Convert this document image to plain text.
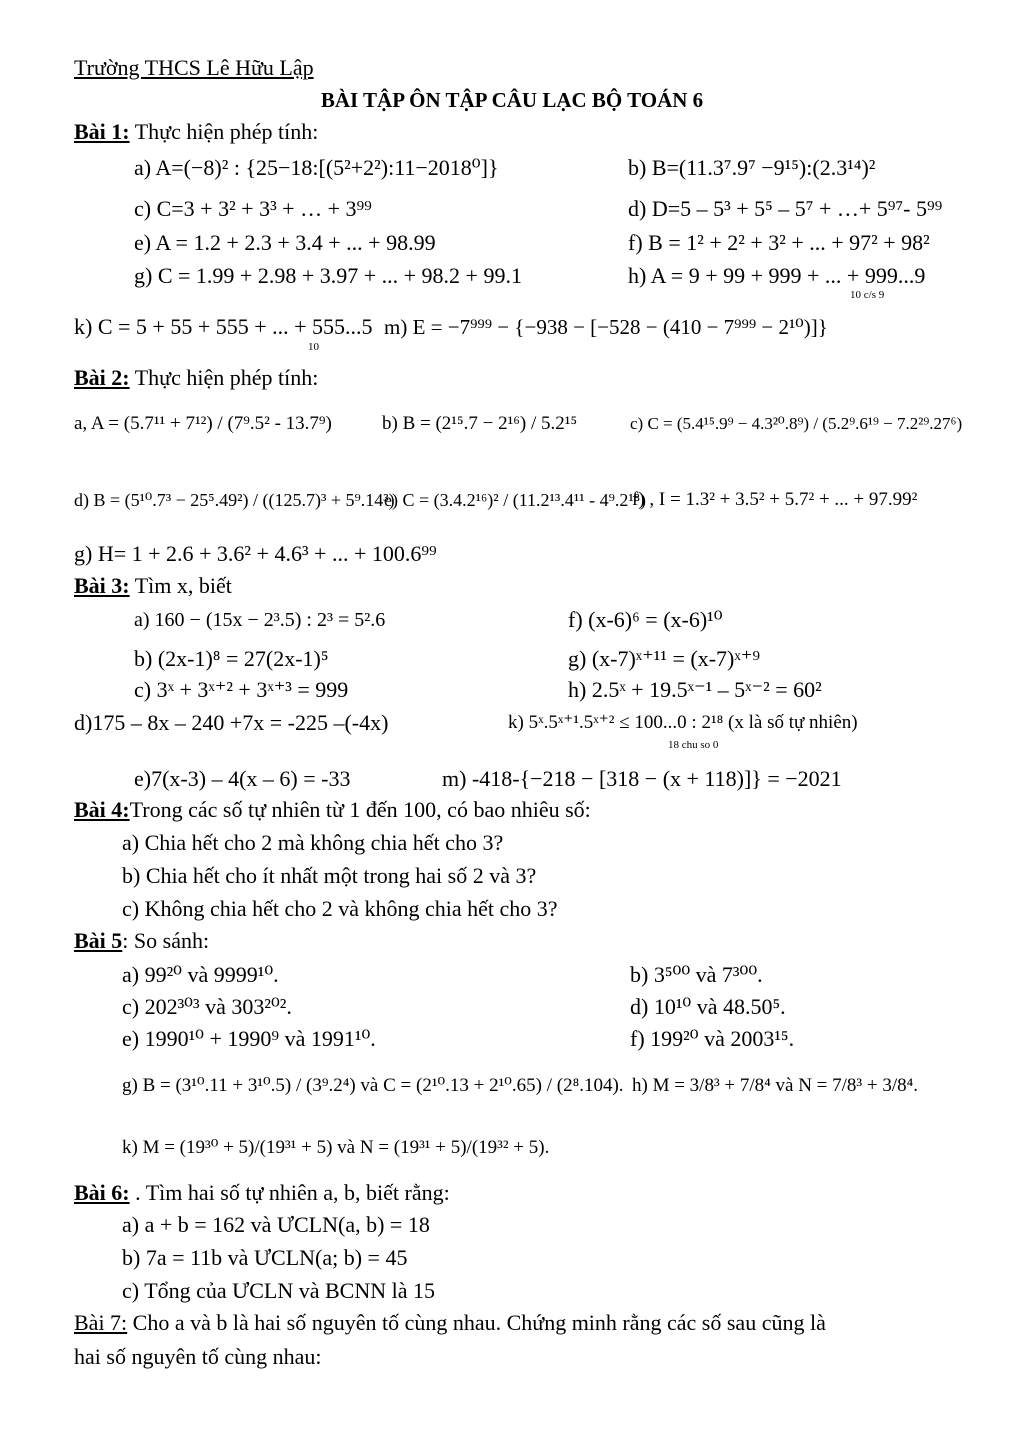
Trường THCS Lê Hữu Lập
BÀI TẬP ÔN TẬP CÂU LẠC BỘ TOÁN 6
Bài 1: Thực hiện phép tính:
a) A=(−8)² : {25−18:[(5²+2²):11−2018⁰]}	b) B=(11.3⁷.9⁷ −9¹⁵):(2.3¹⁴)²
c) C=3 + 3² + 3³ + … + 3⁹⁹	d) D=5 – 5³ + 5⁵ – 5⁷ + …+ 5⁹⁷- 5⁹⁹
e) A = 1.2 + 2.3 + 3.4 + ... + 98.99	f) B = 1² + 2² + 3² + ... + 97² + 98²
g) C = 1.99 + 2.98 + 3.97 + ... + 98.2 + 99.1	h) A = 9 + 99 + 999 + ... + 999...9
10 c/s 9
k) C = 5 + 55 + 555 + ... + 555...5
10
m) E = −7⁹⁹⁹ − {−938 − [−528 − (410 − 7⁹⁹⁹ − 2¹⁰)]}
Bài 2: Thực hiện phép tính:
a, A = (5.7¹¹ + 7¹²) / (7⁹.5² - 13.7⁹)	b) B = (2¹⁵.7 − 2¹⁶) / 5.2¹⁵	c) C = (5.4¹⁵.9⁹ − 4.3²⁰.8⁹) / (5.2⁹.6¹⁹ − 7.2²⁹.27⁶)
d) B = (5¹⁰.7³ − 25⁵.49²) / ((125.7)³ + 5⁹.14³)
e) C = (3.4.2¹⁶)² / (11.2¹³.4¹¹ - 4⁹.2¹⁸)
f) , I = 1.3² + 3.5² + 5.7² + ... + 97.99²
g) H= 1 + 2.6 + 3.6² + 4.6³ + ... + 100.6⁹⁹
Bài 3: Tìm x, biết
a) 160 − (15x − 2³.5) : 2³ = 5².6	f) (x-6)⁶ = (x-6)¹⁰
b) (2x-1)⁸ = 27(2x-1)⁵	g) (x-7)ˣ⁺¹¹ = (x-7)ˣ⁺⁹
c) 3ˣ + 3ˣ⁺² + 3ˣ⁺³ = 999	h) 2.5ˣ + 19.5ˣ⁻¹ – 5ˣ⁻² = 60²
d)175 – 8x – 240 +7x = -225 –(-4x)	k) 5ˣ.5ˣ⁺¹.5ˣ⁺² ≤ 100...0 : 2¹⁸ (x là số tự nhiên)
18 chu so 0
e)7(x-3) – 4(x – 6) = -33	m) -418-{−218 − [318 − (x + 118)]} = −2021
Bài 4:Trong các số tự nhiên từ 1 đến 100, có bao nhiêu số:
a) Chia hết cho 2 mà không chia hết cho 3?
b) Chia hết cho ít nhất một trong hai số 2 và 3?
c) Không chia hết cho 2 và không chia hết cho 3?
Bài 5: So sánh:
a) 99²⁰ và 9999¹⁰.	b) 3⁵⁰⁰ và 7³⁰⁰.
c) 202³⁰³ và 303²⁰².	d) 10¹⁰ và 48.50⁵.
e) 1990¹⁰ + 1990⁹ và 1991¹⁰.	f) 199²⁰ và 2003¹⁵.
g) B = (3¹⁰.11 + 3¹⁰.5) / (3⁹.2⁴) và C = (2¹⁰.13 + 2¹⁰.65) / (2⁸.104). h) M = 3/8³ + 7/8⁴ và N = 7/8³ + 3/8⁴.
k) M = (19³⁰ + 5)/(19³¹ + 5) và N = (19³¹ + 5)/(19³² + 5).
Bài 6: . Tìm hai số tự nhiên a, b, biết rằng:
a) a + b = 162 và ƯCLN(a, b) = 18
b) 7a = 11b và ƯCLN(a; b) = 45
c) Tổng của ƯCLN và BCNN là 15
Bài 7: Cho a và b là hai số nguyên tố cùng nhau. Chứng minh rằng các số sau cũng là
hai số nguyên tố cùng nhau:
